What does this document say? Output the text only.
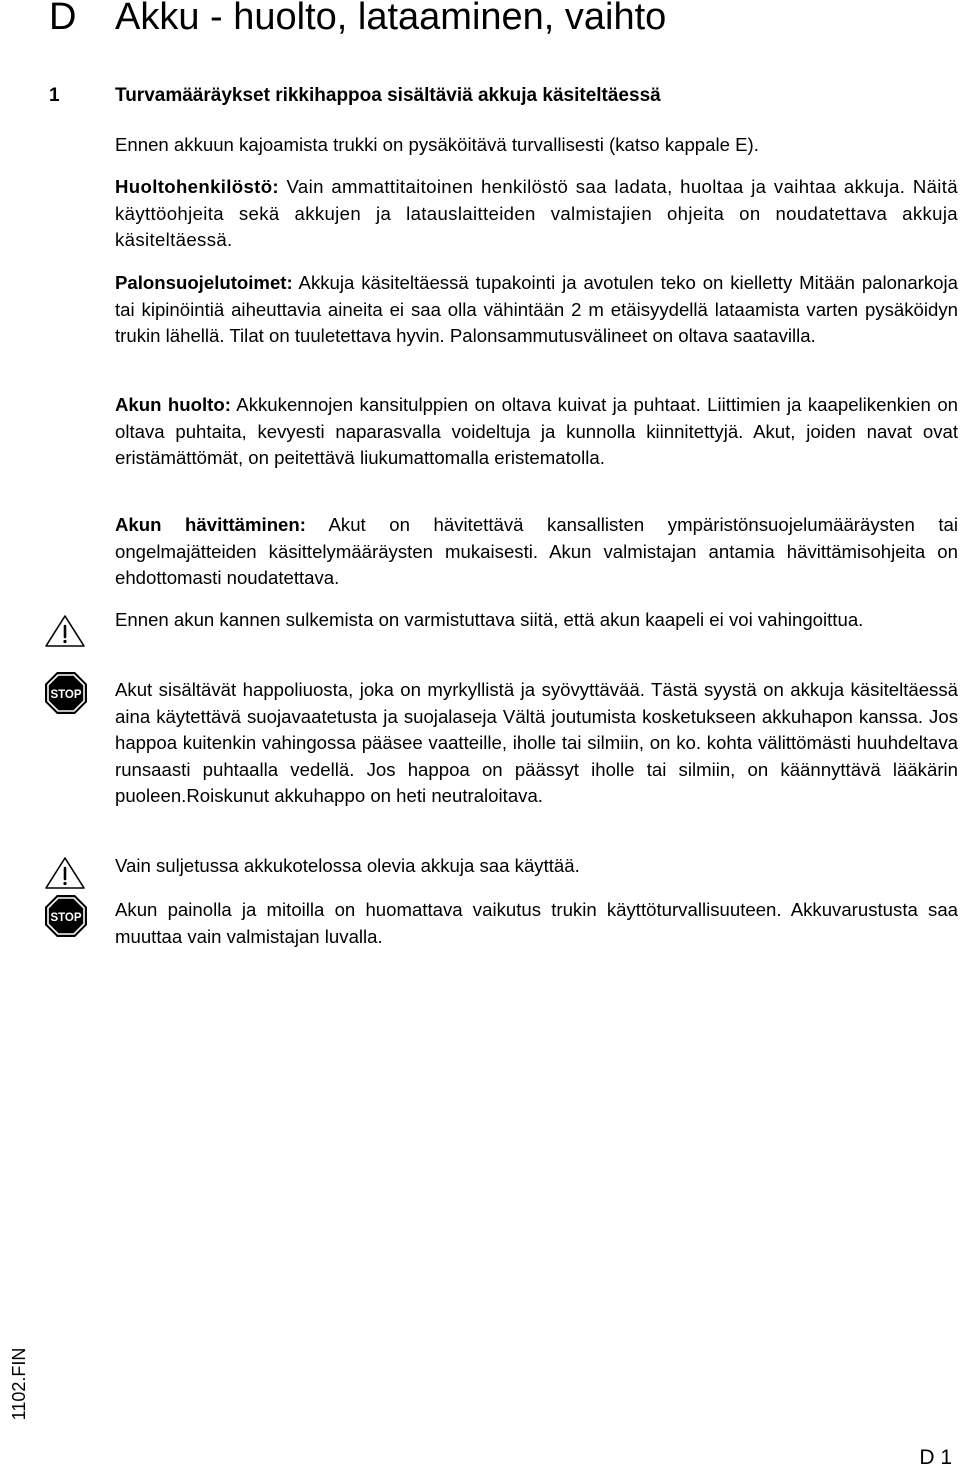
D Akku - huolto, lataaminen, vaihto
1	Turvamääräykset rikkihappoa sisältäviä akkuja käsiteltäessä

Ennen akkuun kajoamista trukki on pysäköitävä turvallisesti (katso kappale E).

Huoltohenkilöstö: Vain ammattitaitoinen henkilöstö saa ladata, huoltaa ja vaihtaa akkuja. Näitä käyttöohjeita sekä akkujen ja latauslaitteiden valmistajien ohjeita on noudatettava akkuja käsiteltäessä.

Palonsuojelutoimet: Akkuja käsiteltäessä tupakointi ja avotulen teko on kielletty Mitään palonarkoja tai kipinöintiä aiheuttavia aineita ei saa olla vähintään 2 m etäisyydellä lataamista varten pysäköidyn trukin lähellä. Tilat on tuuletettava hyvin. Palonsammutusvälineet on oltava saatavilla.

Akun huolto: Akkukennojen kansitulppien on oltava kuivat ja puhtaat. Liittimien ja kaapelikenkien on oltava puhtaita, kevyesti naparasvalla voideltuja ja kunnolla kiinnitettyjä. Akut, joiden navat ovat eristämättömät, on peitettävä liukumattomalla eristematolla.

Akun hävittäminen: Akut on hävitettävä kansallisten ympäristönsuojelumääräysten tai ongelmajätteiden käsittelymääräysten mukaisesti. Akun valmistajan antamia hävittämisohjeita on ehdottomasti noudatettava.

Ennen akun kannen sulkemista on varmistuttava siitä, että akun kaapeli ei voi vahingoittua.

STOP Akut sisältävät happoliuosta, joka on myrkyllistä ja syövyttävää. Tästä syystä on akkuja käsiteltäessä aina käytettävä suojavaatetusta ja suojalaseja Vältä joutumista kosketukseen akkuhapon kanssa. Jos happoa kuitenkin vahingossa pääsee vaatteille, iholle tai silmiin, on ko. kohta välittömästi huuhdeltava runsaasti puhtaalla vedellä. Jos happoa on päässyt iholle tai silmiin, on käännyttävä lääkärin puoleen.Roiskunut akkuhappo on heti neutraloitava.

Vain suljetussa akkukotelossa olevia akkuja saa käyttää.

STOP Akun painolla ja mitoilla on huomattava vaikutus trukin käyttöturvallisuuteen. Akkuvarustusta saa muuttaa vain valmistajan luvalla.

1102.FIN
D 1
